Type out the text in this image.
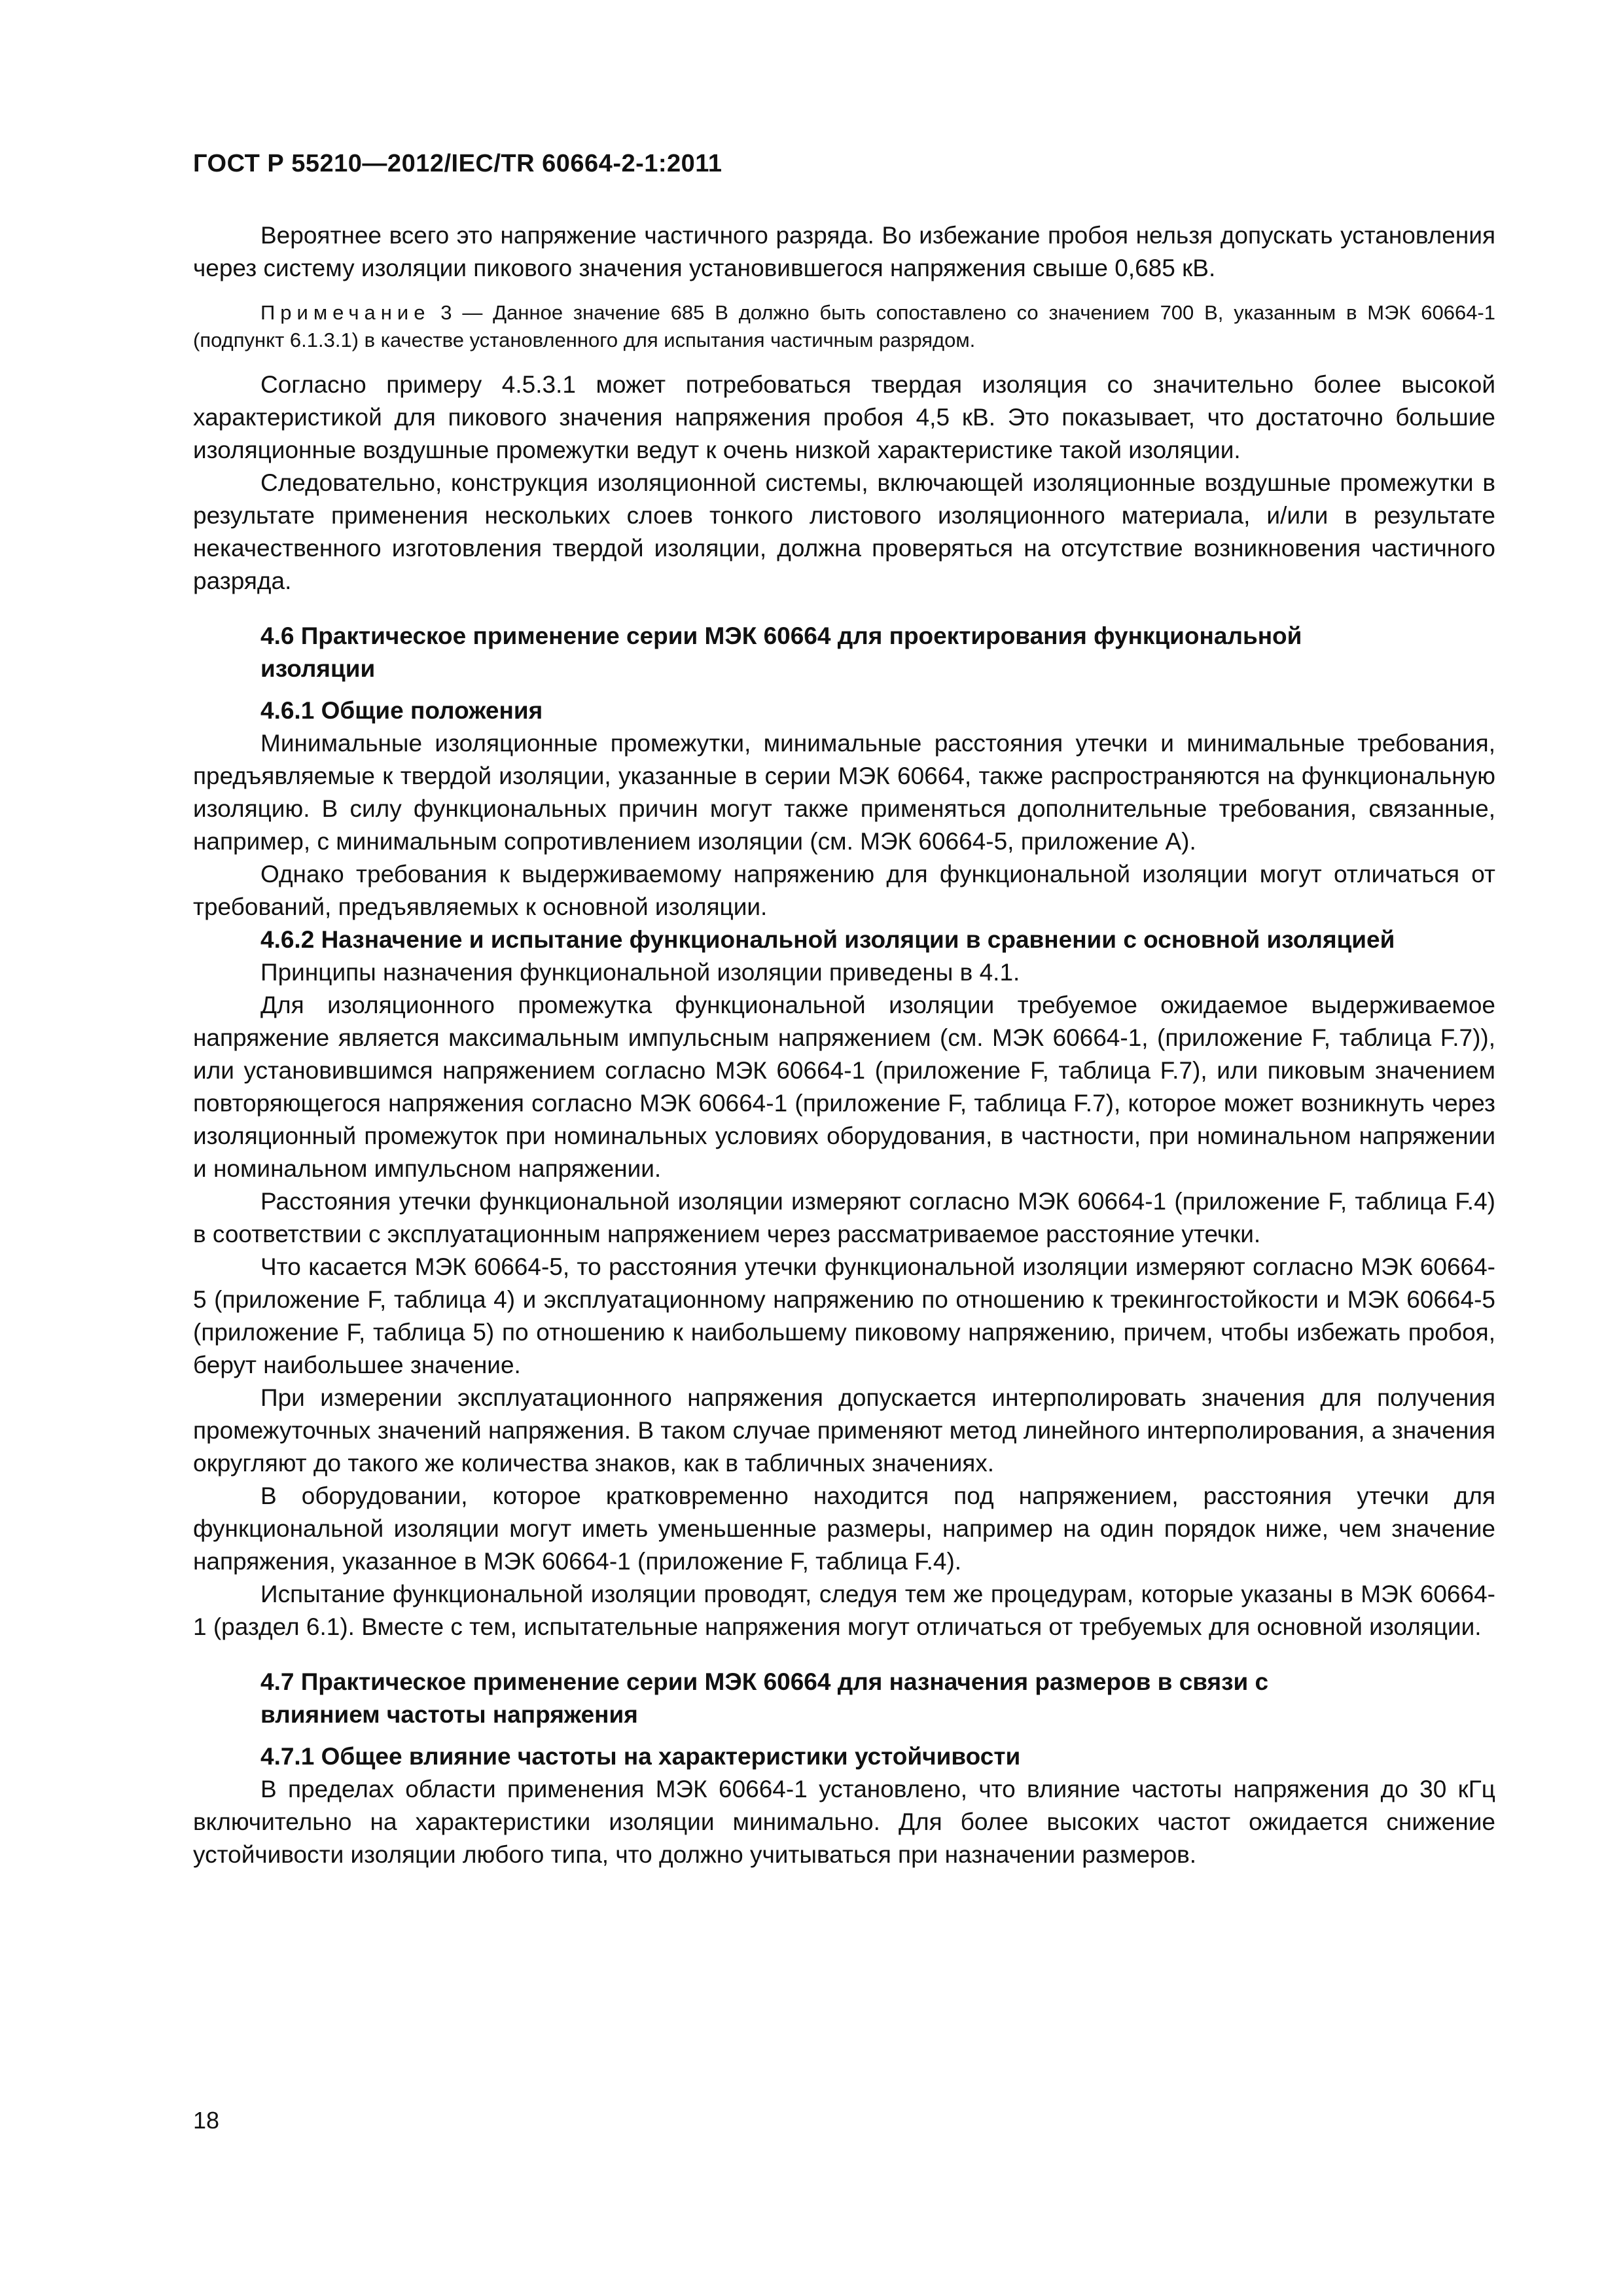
ГОСТ Р 55210—2012/IEC/TR 60664-2-1:2011

Вероятнее всего это напряжение частичного разряда. Во избежание пробоя нельзя допускать установления через систему изоляции пикового значения установившегося напряжения свыше 0,685 кВ.

Примечание 3 — Данное значение 685 В должно быть сопоставлено со значением 700 В, указанным в МЭК 60664-1 (подпункт 6.1.3.1) в качестве установленного для испытания частичным разрядом.

Согласно примеру 4.5.3.1 может потребоваться твердая изоляция со значительно более высокой характеристикой для пикового значения напряжения пробоя 4,5 кВ. Это показывает, что достаточно большие изоляционные воздушные промежутки ведут к очень низкой характеристике такой изоляции.

Следовательно, конструкция изоляционной системы, включающей изоляционные воздушные промежутки в результате применения нескольких слоев тонкого листового изоляционного материала, и/или в результате некачественного изготовления твердой изоляции, должна проверяться на отсутствие возникновения частичного разряда.

4.6 Практическое применение серии МЭК 60664 для проектирования функциональной изоляции
4.6.1 Общие положения

Минимальные изоляционные промежутки, минимальные расстояния утечки и минимальные требования, предъявляемые к твердой изоляции, указанные в серии МЭК 60664, также распространяются на функциональную изоляцию. В силу функциональных причин могут также применяться дополнительные требования, связанные, например, с минимальным сопротивлением изоляции (см. МЭК 60664-5, приложение А).

Однако требования к выдерживаемому напряжению для функциональной изоляции могут отличаться от требований, предъявляемых к основной изоляции.

4.6.2 Назначение и испытание функциональной изоляции в сравнении с основной изоляцией

Принципы назначения функциональной изоляции приведены в 4.1.

Для изоляционного промежутка функциональной изоляции требуемое ожидаемое выдерживаемое напряжение является максимальным импульсным напряжением (см. МЭК 60664-1, (приложение F, таблица F.7)), или установившимся напряжением согласно МЭК 60664-1 (приложение F, таблица F.7), или пиковым значением повторяющегося напряжения согласно МЭК 60664-1 (приложение F, таблица F.7), которое может возникнуть через изоляционный промежуток при номинальных условиях оборудования, в частности, при номинальном напряжении и номинальном импульсном напряжении.

Расстояния утечки функциональной изоляции измеряют согласно МЭК 60664-1 (приложение F, таблица F.4) в соответствии с эксплуатационным напряжением через рассматриваемое расстояние утечки.

Что касается МЭК 60664-5, то расстояния утечки функциональной изоляции измеряют согласно МЭК 60664-5 (приложение F, таблица 4) и эксплуатационному напряжению по отношению к трекингостойкости и МЭК 60664-5 (приложение F, таблица 5) по отношению к наибольшему пиковому напряжению, причем, чтобы избежать пробоя, берут наибольшее значение.

При измерении эксплуатационного напряжения допускается интерполировать значения для получения промежуточных значений напряжения. В таком случае применяют метод линейного интерполирования, а значения округляют до такого же количества знаков, как в табличных значениях.

В оборудовании, которое кратковременно находится под напряжением, расстояния утечки для функциональной изоляции могут иметь уменьшенные размеры, например на один порядок ниже, чем значение напряжения, указанное в МЭК 60664-1 (приложение F, таблица F.4).

Испытание функциональной изоляции проводят, следуя тем же процедурам, которые указаны в МЭК 60664-1 (раздел 6.1). Вместе с тем, испытательные напряжения могут отличаться от требуемых для основной изоляции.

4.7 Практическое применение серии МЭК 60664 для назначения размеров в связи с влиянием частоты напряжения
4.7.1 Общее влияние частоты на характеристики устойчивости

В пределах области применения МЭК 60664-1 установлено, что влияние частоты напряжения до 30 кГц включительно на характеристики изоляции минимально. Для более высоких частот ожидается снижение устойчивости изоляции любого типа, что должно учитываться при назначении размеров.

18
